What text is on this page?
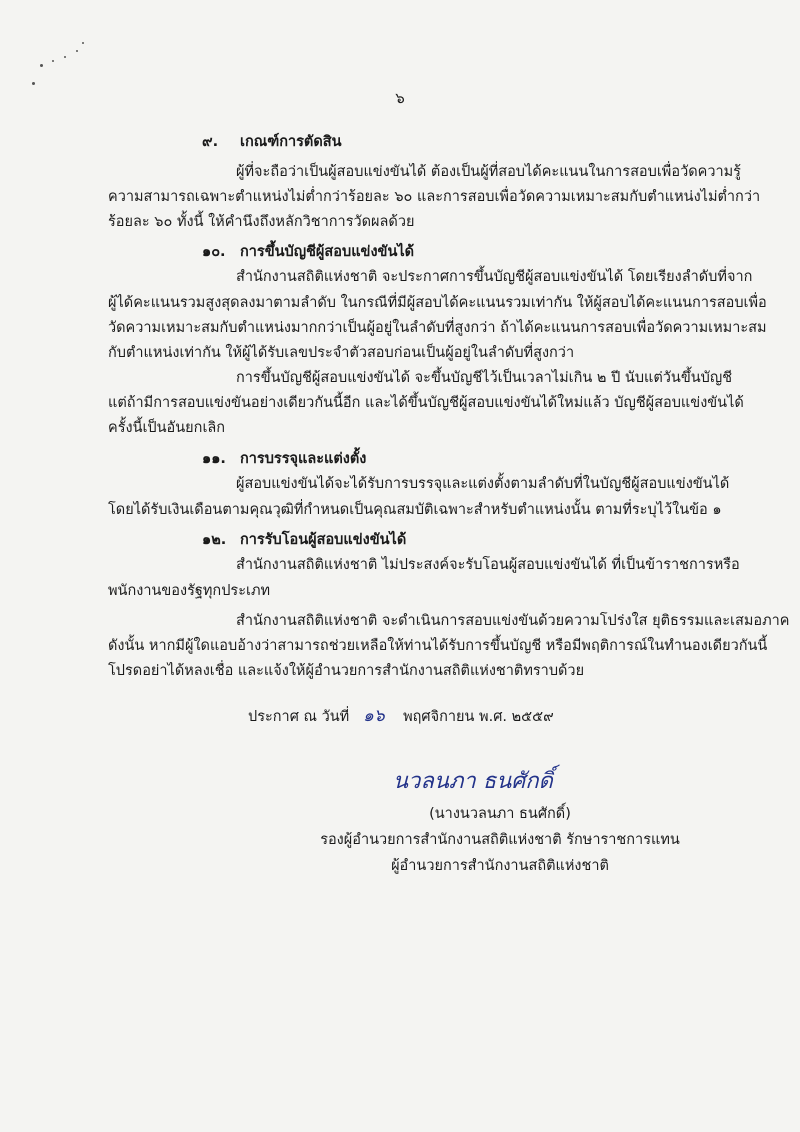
๖
๙. เกณฑ์การตัดสิน
ผู้ที่จะถือว่าเป็นผู้สอบแข่งขันได้ ต้องเป็นผู้ที่สอบได้คะแนนในการสอบเพื่อวัดความรู้
ความสามารถเฉพาะตำแหน่งไม่ต่ำกว่าร้อยละ ๖๐ และการสอบเพื่อวัดความเหมาะสมกับตำแหน่งไม่ต่ำกว่า
ร้อยละ ๖๐ ทั้งนี้ ให้คำนึงถึงหลักวิชาการวัดผลด้วย
๑๐. การขึ้นบัญชีผู้สอบแข่งขันได้
สำนักงานสถิติแห่งชาติ จะประกาศการขึ้นบัญชีผู้สอบแข่งขันได้ โดยเรียงลำดับที่จาก
ผู้ได้คะแนนรวมสูงสุดลงมาตามลำดับ ในกรณีที่มีผู้สอบได้คะแนนรวมเท่ากัน ให้ผู้สอบได้คะแนนการสอบเพื่อ
วัดความเหมาะสมกับตำแหน่งมากกว่าเป็นผู้อยู่ในลำดับที่สูงกว่า ถ้าได้คะแนนการสอบเพื่อวัดความเหมาะสม
กับตำแหน่งเท่ากัน ให้ผู้ได้รับเลขประจำตัวสอบก่อนเป็นผู้อยู่ในลำดับที่สูงกว่า
การขึ้นบัญชีผู้สอบแข่งขันได้ จะขึ้นบัญชีไว้เป็นเวลาไม่เกิน ๒ ปี นับแต่วันขึ้นบัญชี
แต่ถ้ามีการสอบแข่งขันอย่างเดียวกันนี้อีก และได้ขึ้นบัญชีผู้สอบแข่งขันได้ใหม่แล้ว บัญชีผู้สอบแข่งขันได้
ครั้งนี้เป็นอันยกเลิก
๑๑. การบรรจุและแต่งตั้ง
ผู้สอบแข่งขันได้จะได้รับการบรรจุและแต่งตั้งตามลำดับที่ในบัญชีผู้สอบแข่งขันได้
โดยได้รับเงินเดือนตามคุณวุฒิที่กำหนดเป็นคุณสมบัติเฉพาะสำหรับตำแหน่งนั้น ตามที่ระบุไว้ในข้อ ๑
๑๒. การรับโอนผู้สอบแข่งขันได้
สำนักงานสถิติแห่งชาติ ไม่ประสงค์จะรับโอนผู้สอบแข่งขันได้ ที่เป็นข้าราชการหรือ
พนักงานของรัฐทุกประเภท
สำนักงานสถิติแห่งชาติ จะดำเนินการสอบแข่งขันด้วยความโปร่งใส ยุติธรรมและเสมอภาค
ดังนั้น หากมีผู้ใดแอบอ้างว่าสามารถช่วยเหลือให้ท่านได้รับการขึ้นบัญชี หรือมีพฤติการณ์ในทำนองเดียวกันนี้
โปรดอย่าได้หลงเชื่อ และแจ้งให้ผู้อำนวยการสำนักงานสถิติแห่งชาติทราบด้วย
ประกาศ ณ วันที่ ๑๖ พฤศจิกายน พ.ศ. ๒๕๕๙
นวลนภา ธนศักดิ์
(นางนวลนภา ธนศักดิ์)
รองผู้อำนวยการสำนักงานสถิติแห่งชาติ รักษาราชการแทน
ผู้อำนวยการสำนักงานสถิติแห่งชาติ
